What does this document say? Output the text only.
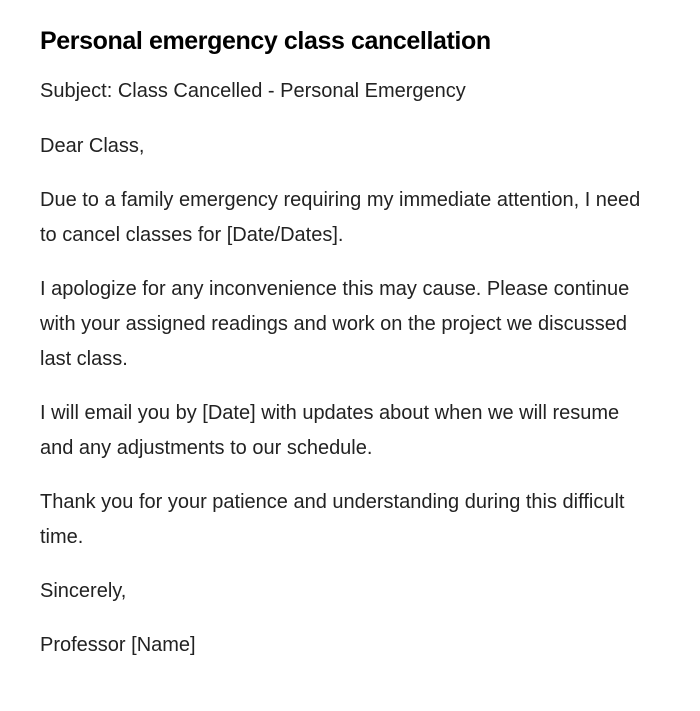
Personal emergency class cancellation

Subject: Class Cancelled - Personal Emergency

Dear Class,

Due to a family emergency requiring my immediate attention, I need to cancel classes for [Date/Dates].

I apologize for any inconvenience this may cause. Please continue with your assigned readings and work on the project we discussed last class.

I will email you by [Date] with updates about when we will resume and any adjustments to our schedule.

Thank you for your patience and understanding during this difficult time.

Sincerely,

Professor [Name]
